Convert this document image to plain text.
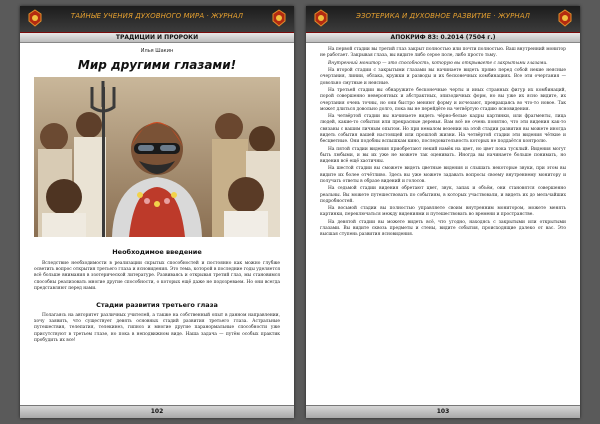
ТАЙНЫЕ УЧЕНИЯ ДУХОВНОГО МИРА · ЖУРНАЛ
ТРАДИЦИИ И ПРОРОКИ
Илья Шакин
Мир другими глазами!
Необходимое введение

Вследствие необходимости в реализации скрытых способностей и постоянно как можно глубже осветить вопрос открытия третьего глаза и ясновидения. Это тема, которой в последние годы уделяется всё больше внимания в эзотерической литературе. Развиваясь и открывая третий глаз, мы становимся способны реализовать многие другие способности, о которых ещё даже не подозреваем. Но они всегда представляют перед нами.

Стадии развития третьего глаза

Полагаясь на авторитет различных учителей, а также на собственный опыт в данном направлении, хочу заявить, что существует девять основных стадий развития третьего глаза. Астральные путешествия, телепатия, телекинез, гипноз и многие другие паранормальные способности уже присутствуют в третьем глазе, но пока в неподвижном виде. Наша задача — путём особых практик пробудить их все!

102
ЭЗОТЕРИКА И ДУХОВНОЕ РАЗВИТИЕ · ЖУРНАЛ
АПОКРИФ 83: 0.2014 (7504 г.)

На первой стадии вы третий глаз закрыт полностью или почти полностью. Ваш внутренний монитор не работает. Закрывая глаза, вы видите либо серое поле, либо просто тьму.

Внутренний монитор — это способность, которую вы открываете с закрытыми глазами.

На второй стадии с закрытыми глазами вы начинаете видеть прямо перед собой некие неясные очертания, линии, облака, кружки и разводы и их бесконечных комбинациях. Все эти очертания — довольно смутные и неясные.

На третьей стадии вы обнаружите бесконечные черты и иных странных фигур их комбинаций, порой совершенно невероятных и абстрактных, эпизодичных форм, но вы уже их ясно видите, их очертания очень точны, но они быстро меняют форму и исчезают, превращаясь во что-то новое. Так может длиться довольно долго, пока вы не перейдёте на четвёртую стадию ясновидения.

На четвёртой стадии вы начинаете видеть чёрно-белые кадры картинки, или фрагменты, лица людей, какие-то события или прекрасные деревья. Вам всё не очень понятно, что эти видения как-то связаны с вашим личным опытом. Но при немалом везении на этой стадии развития вы можете иногда видеть события вашей настоящей или прошлой жизни. На четвёртой стадии эти видения чёткие и бесцветные. Они подобны вспышкам кино, последовательность которых не поддаётся контролю.

На пятой стадии видения приобретают некий намёк на цвет, но цвет пока тусклый. Видения могут быть любыми, и вы их уже не можете так оценивать. Иногда вы начинаете больше понимать, но видения всё ещё хаотичны.

На шестой стадии вы сможете видеть цветные видения и слышать некоторые звуки, при этом вы видите их более отчётливо. Здесь вы уже можете задавать вопросы своему внутреннему монитору и получать ответы в образе видений и голосов.

На седьмой стадии видения обретают цвет, звук, запах и объём, они становятся совершенно реальны. Вы можете путешествовать по событиям, в которых участвовали, и видеть их до мельчайших подробностей.

На восьмой стадии вы полностью управляете своим внутренним монитором, можете менять картинки, переключаться между видениями и путешествовать во времени и пространстве.

На девятой стадии вы можете видеть всё, что угодно, находясь с закрытыми или открытыми глазами. Вы видите сквозь предметы и стены, видите события, происходящие далеко от вас. Это высшая ступень развития ясновидения.

103
